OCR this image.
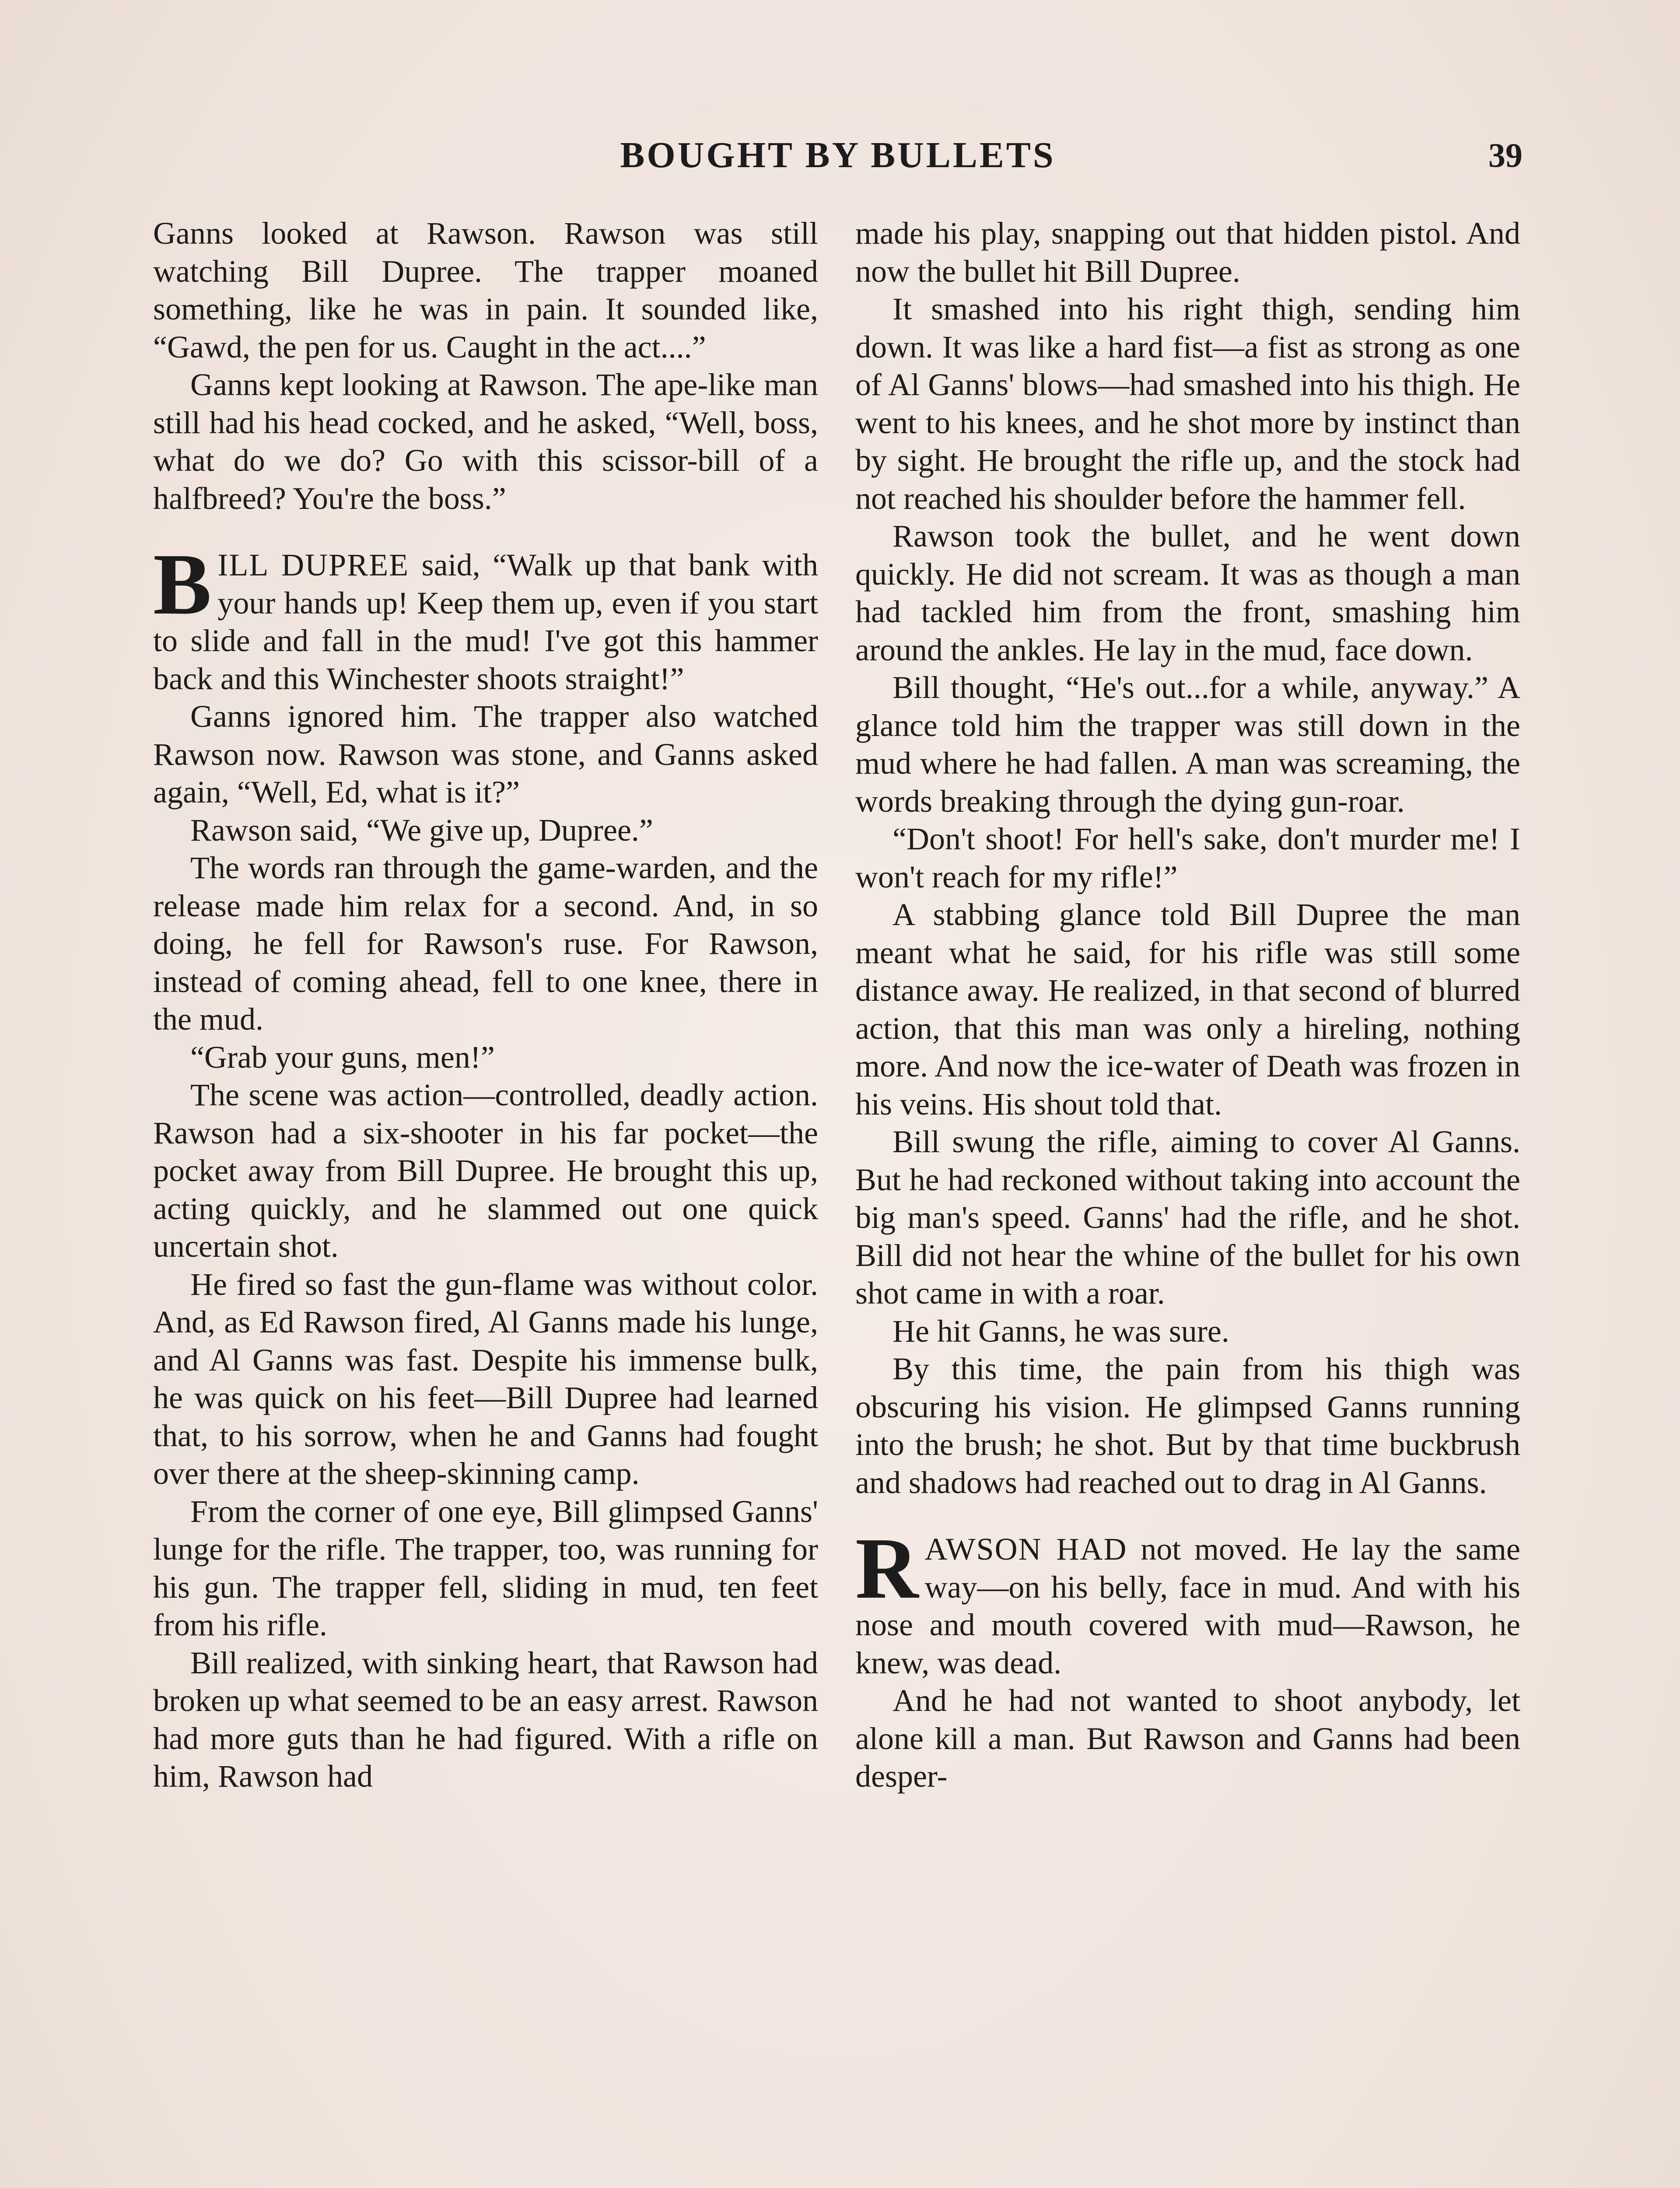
BOUGHT BY BULLETS	39

Ganns looked at Rawson. Rawson was still watching Bill Dupree. The trapper moaned something, like he was in pain. It sounded like, “Gawd, the pen for us. Caught in the act....”

Ganns kept looking at Rawson. The ape-like man still had his head cocked, and he asked, “Well, boss, what do we do? Go with this scissor-bill of a halfbreed? You're the boss.”

BILL DUPREE said, “Walk up that bank with your hands up! Keep them up, even if you start to slide and fall in the mud! I've got this hammer back and this Winchester shoots straight!”

Ganns ignored him. The trapper also watched Rawson now. Rawson was stone, and Ganns asked again, “Well, Ed, what is it?”

Rawson said, “We give up, Dupree.”

The words ran through the game-warden, and the release made him relax for a second. And, in so doing, he fell for Rawson's ruse. For Rawson, instead of coming ahead, fell to one knee, there in the mud.

“Grab your guns, men!”

The scene was action—controlled, deadly action. Rawson had a six-shooter in his far pocket—the pocket away from Bill Dupree. He brought this up, acting quickly, and he slammed out one quick uncertain shot.

He fired so fast the gun-flame was without color. And, as Ed Rawson fired, Al Ganns made his lunge, and Al Ganns was fast. Despite his immense bulk, he was quick on his feet—Bill Dupree had learned that, to his sorrow, when he and Ganns had fought over there at the sheep-skinning camp.

From the corner of one eye, Bill glimpsed Ganns' lunge for the rifle. The trapper, too, was running for his gun. The trapper fell, sliding in mud, ten feet from his rifle.

Bill realized, with sinking heart, that Rawson had broken up what seemed to be an easy arrest. Rawson had more guts than he had figured. With a rifle on him, Rawson had

made his play, snapping out that hidden pistol. And now the bullet hit Bill Dupree.

It smashed into his right thigh, sending him down. It was like a hard fist—a fist as strong as one of Al Ganns' blows—had smashed into his thigh. He went to his knees, and he shot more by instinct than by sight. He brought the rifle up, and the stock had not reached his shoulder before the hammer fell.

Rawson took the bullet, and he went down quickly. He did not scream. It was as though a man had tackled him from the front, smashing him around the ankles. He lay in the mud, face down.

Bill thought, “He's out...for a while, anyway.” A glance told him the trapper was still down in the mud where he had fallen. A man was screaming, the words breaking through the dying gun-roar.

“Don't shoot! For hell's sake, don't murder me! I won't reach for my rifle!”

A stabbing glance told Bill Dupree the man meant what he said, for his rifle was still some distance away. He realized, in that second of blurred action, that this man was only a hireling, nothing more. And now the ice-water of Death was frozen in his veins. His shout told that.

Bill swung the rifle, aiming to cover Al Ganns. But he had reckoned without taking into account the big man's speed. Ganns' had the rifle, and he shot. Bill did not hear the whine of the bullet for his own shot came in with a roar.

He hit Ganns, he was sure.

By this time, the pain from his thigh was obscuring his vision. He glimpsed Ganns running into the brush; he shot. But by that time buckbrush and shadows had reached out to drag in Al Ganns.

RAWSON HAD not moved. He lay the same way—on his belly, face in mud. And with his nose and mouth covered with mud—Rawson, he knew, was dead.

And he had not wanted to shoot anybody, let alone kill a man. But Rawson and Ganns had been desper-
